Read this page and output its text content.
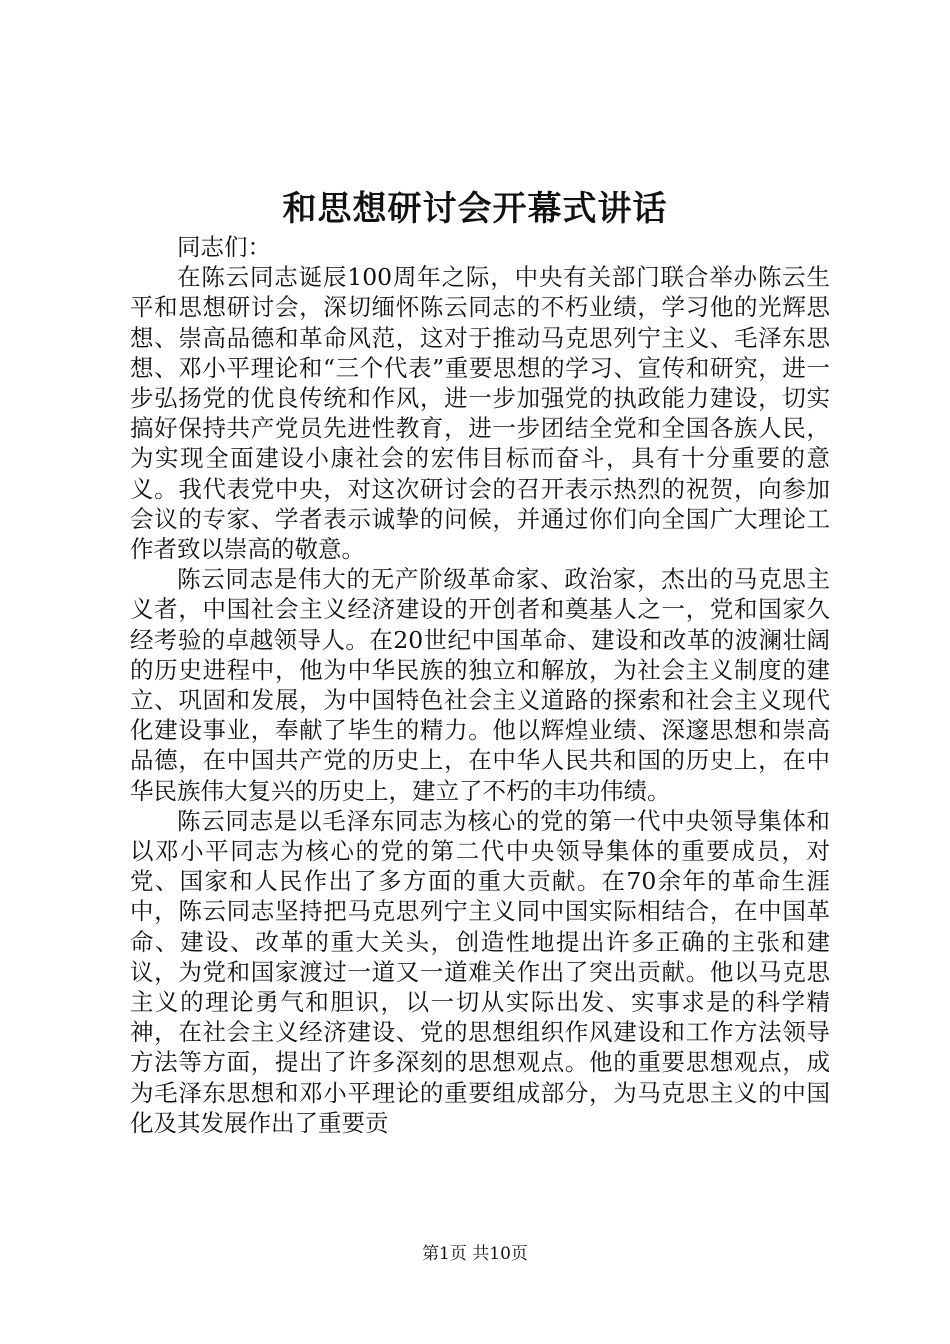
和思想研讨会开幕式讲话

同志们：

在陈云同志诞辰100周年之际，中央有关部门联合举办陈云生平和思想研讨会，深切缅怀陈云同志的不朽业绩，学习他的光辉思想、崇高品德和革命风范，这对于推动马克思列宁主义、毛泽东思想、邓小平理论和“三个代表”重要思想的学习、宣传和研究，进一步弘扬党的优良传统和作风，进一步加强党的执政能力建设，切实搞好保持共产党员先进性教育，进一步团结全党和全国各族人民，为实现全面建设小康社会的宏伟目标而奋斗，具有十分重要的意义。我代表党中央，对这次研讨会的召开表示热烈的祝贺，向参加会议的专家、学者表示诚挚的问候，并通过你们向全国广大理论工作者致以崇高的敬意。

陈云同志是伟大的无产阶级革命家、政治家，杰出的马克思主义者，中国社会主义经济建设的开创者和奠基人之一，党和国家久经考验的卓越领导人。在20世纪中国革命、建设和改革的波澜壮阔的历史进程中，他为中华民族的独立和解放，为社会主义制度的建立、巩固和发展，为中国特色社会主义道路的探索和社会主义现代化建设事业，奉献了毕生的精力。他以辉煌业绩、深邃思想和崇高品德，在中国共产党的历史上，在中华人民共和国的历史上，在中华民族伟大复兴的历史上，建立了不朽的丰功伟绩。

陈云同志是以毛泽东同志为核心的党的第一代中央领导集体和以邓小平同志为核心的党的第二代中央领导集体的重要成员，对党、国家和人民作出了多方面的重大贡献。在70余年的革命生涯中，陈云同志坚持把马克思列宁主义同中国实际相结合，在中国革命、建设、改革的重大关头，创造性地提出许多正确的主张和建议，为党和国家渡过一道又一道难关作出了突出贡献。他以马克思主义的理论勇气和胆识，以一切从实际出发、实事求是的科学精神，在社会主义经济建设、党的思想组织作风建设和工作方法领导方法等方面，提出了许多深刻的思想观点。他的重要思想观点，成为毛泽东思想和邓小平理论的重要组成部分，为马克思主义的中国化及其发展作出了重要贡

第1页 共10页
